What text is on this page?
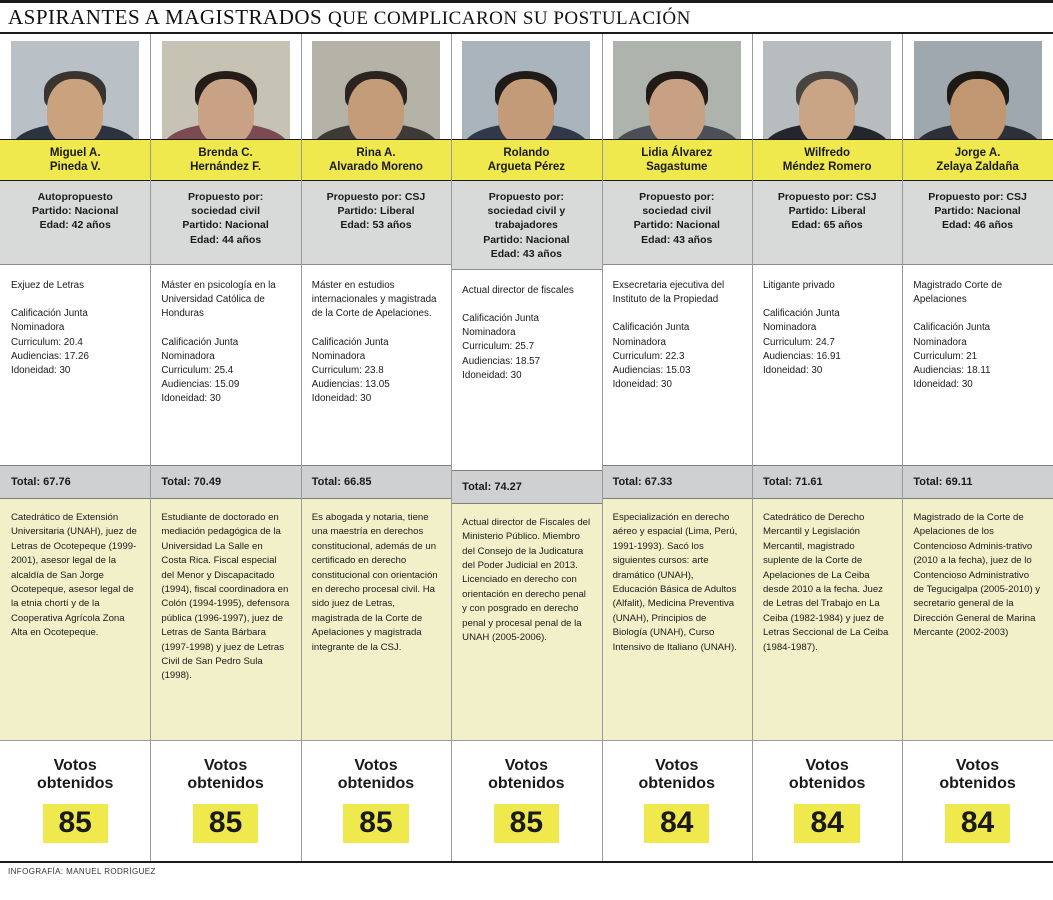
ASPIRANTES A MAGISTRADOS QUE COMPLICARON SU POSTULACIÓN
Miguel A.
Pineda V.
Autopropuesto
Partido: Nacional
Edad: 42 años

Exjuez de Letras

Calificación Junta
Nominadora
Curriculum: 20.4
Audiencias: 17.26
Idoneidad: 30
Total: 67.76
Catedrático de Extensión Universitaria (UNAH), juez de Letras de Ocotepeque (1999-2001), asesor legal de la alcaldía de San Jorge Ocotepeque, asesor legal de la etnia chortí y de la Cooperativa Agrícola Zona Alta en Ocotepeque.
Votos
obtenidos
85
Brenda C.
Hernández F.
Propuesto por:
sociedad civil
Partido: Nacional
Edad: 44 años

Máster en psicología en la Universidad Católica de Honduras

Calificación Junta
Nominadora
Curriculum: 25.4
Audiencias: 15.09
Idoneidad: 30
Total: 70.49
Estudiante de doctorado en mediación pedagógica de la Universidad La Salle en Costa Rica. Fiscal especial del Menor y Discapacitado (1994), fiscal coordinadora en Colón (1994-1995), defensora pública (1996-1997), juez de Letras de Santa Bárbara (1997-1998) y juez de Letras Civil de San Pedro Sula (1998).
Votos
obtenidos
85
Rina A.
Alvarado Moreno
Propuesto por: CSJ
Partido: Liberal
Edad: 53 años

Máster en estudios internacionales y magistrada de la Corte de Apelaciones.

Calificación Junta
Nominadora
Curriculum: 23.8
Audiencias: 13.05
Idoneidad: 30
Total: 66.85
Es abogada y notaria, tiene una maestría en derechos constitucional, además de un certificado en derecho constitucional con orientación en derecho procesal civil. Ha sido juez de Letras, magistrada de la Corte de Apelaciones y magistrada integrante de la CSJ.
Votos
obtenidos
85
Rolando
Argueta Pérez
Propuesto por:
sociedad civil y
trabajadores
Partido: Nacional
Edad: 43 años

Actual director de fiscales

Calificación Junta
Nominadora
Curriculum: 25.7
Audiencias: 18.57
Idoneidad: 30
Total: 74.27
Actual director de Fiscales del Ministerio Público. Miembro del Consejo de la Judicatura del Poder Judicial en 2013. Licenciado en derecho con orientación en derecho penal y con posgrado en derecho penal y procesal penal de la UNAH (2005-2006).
Votos
obtenidos
85
Lidia Álvarez
Sagastume
Propuesto por:
sociedad civil
Partido: Nacional
Edad: 43 años

Exsecretaria ejecutiva del Instituto de la Propiedad

Calificación Junta
Nominadora
Curriculum: 22.3
Audiencias: 15.03
Idoneidad: 30
Total: 67.33
Especialización en derecho aéreo y espacial (Lima, Perú, 1991-1993). Sacó los siguientes cursos: arte dramático (UNAH), Educación Básica de Adultos (Alfalit), Medicina Preventiva (UNAH), Principios de Biología (UNAH), Curso Intensivo de Italiano (UNAH).
Votos
obtenidos
84
Wilfredo
Méndez Romero
Propuesto por: CSJ
Partido: Liberal
Edad: 65 años

Litigante privado

Calificación Junta
Nominadora
Curriculum: 24.7
Audiencias: 16.91
Idoneidad: 30
Total: 71.61
Catedrático de Derecho Mercantil y Legislación Mercantil, magistrado suplente de la Corte de Apelaciones de La Ceiba desde 2010 a la fecha. Juez de Letras del Trabajo en La Ceiba (1982-1984) y juez de Letras Seccional de La Ceiba (1984-1987).
Votos
obtenidos
84
Jorge A.
Zelaya Zaldaña
Propuesto por: CSJ
Partido: Nacional
Edad: 46 años

Magistrado Corte de Apelaciones

Calificación Junta
Nominadora
Curriculum: 21
Audiencias: 18.11
Idoneidad: 30
Total: 69.11
Magistrado de la Corte de Apelaciones de los Contencioso Adminis-trativo (2010 a la fecha), juez de lo Contencioso Administrativo de Tegucigalpa (2005-2010) y secretario general de la Dirección General de Marina Mercante (2002-2003)
Votos
obtenidos
84
INFOGRAFÍA: MANUEL RODRÍGUEZ
